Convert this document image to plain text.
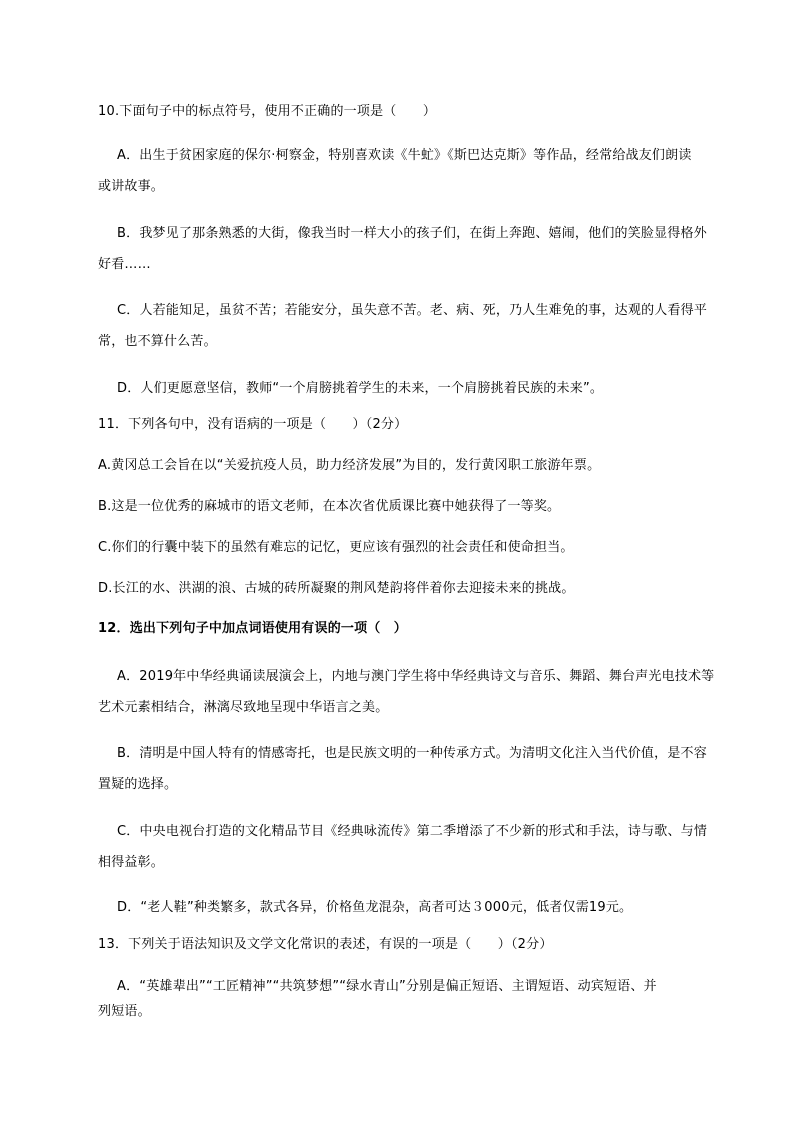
10.下面句子中的标点符号，使用不正确的一项是（　　）

A．出生于贫困家庭的保尔·柯察金，特别喜欢读《牛虻》《斯巴达克斯》等作品，经常给战友们朗读

或讲故事。

B．我梦见了那条熟悉的大街，像我当时一样大小的孩子们，在街上奔跑、嬉闹，他们的笑脸显得格外

好看……

C．人若能知足，虽贫不苦；若能安分，虽失意不苦。老、病、死，乃人生难免的事，达观的人看得平

常，也不算什么苦。

D．人们更愿意坚信，教师“一个肩膀挑着学生的未来，一个肩膀挑着民族的未来”。

11．下列各句中，没有语病的一项是（　　）（2分）

A.黄冈总工会旨在以“关爱抗疫人员，助力经济发展”为目的，发行黄冈职工旅游年票。

B.这是一位优秀的麻城市的语文老师，在本次省优质课比赛中她获得了一等奖。

C.你们的行囊中装下的虽然有难忘的记忆，更应该有强烈的社会责任和使命担当。

D.长江的水、洪湖的浪、古城的砖所凝聚的荆风楚韵将伴着你去迎接未来的挑战。

12．选出下列句子中加点词语使用有误的一项（　）

A．2019年中华经典诵读展演会上，内地与澳门学生将中华经典诗文与音乐、舞蹈、舞台声光电技术等

艺术元素相结合，淋漓尽致地呈现中华语言之美。

B．清明是中国人特有的情感寄托，也是民族文明的一种传承方式。为清明文化注入当代价值，是不容

置疑的选择。

C．中央电视台打造的文化精品节目《经典咏流传》第二季增添了不少新的形式和手法，诗与歌、与情

相得益彰。

D．“老人鞋”种类繁多，款式各异，价格鱼龙混杂，高者可达３000元，低者仅需19元。

13．下列关于语法知识及文学文化常识的表述，有误的一项是（　　）（2分）

A．“英雄辈出”“工匠精神”“共筑梦想”“绿水青山”分别是偏正短语、主谓短语、动宾短语、并

列短语。
